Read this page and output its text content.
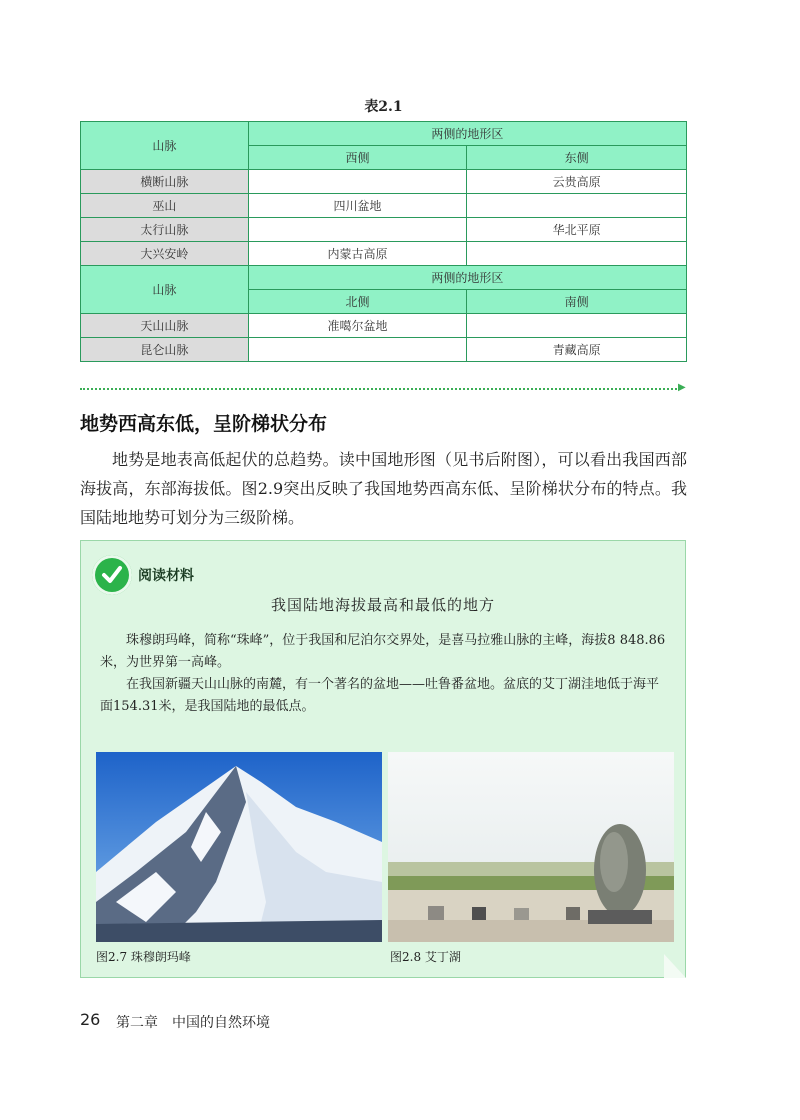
表2.1
山脉	两侧的地形区	
	西侧	东侧
横断山脉		云贵高原
巫山	四川盆地	
太行山脉		华北平原
大兴安岭	内蒙古高原	
山脉	两侧的地形区	
	北侧	南侧
天山山脉	准噶尔盆地	
昆仑山脉		青藏高原
▶
地势西高东低，呈阶梯状分布
地势是地表高低起伏的总趋势。读中国地形图（见书后附图），可以看出我国西部海拔高，东部海拔低。图2.9突出反映了我国地势西高东低、呈阶梯状分布的特点。我国陆地地势可划分为三级阶梯。
阅读材料
我国陆地海拔最高和最低的地方
珠穆朗玛峰，简称“珠峰”，位于我国和尼泊尔交界处，是喜马拉雅山脉的主峰，海拔8 848.86米，为世界第一高峰。
在我国新疆天山山脉的南麓，有一个著名的盆地——吐鲁番盆地。盆底的艾丁湖洼地低于海平面154.31米，是我国陆地的最低点。
图2.7 珠穆朗玛峰	图2.8 艾丁湖
26 第二章　中国的自然环境
